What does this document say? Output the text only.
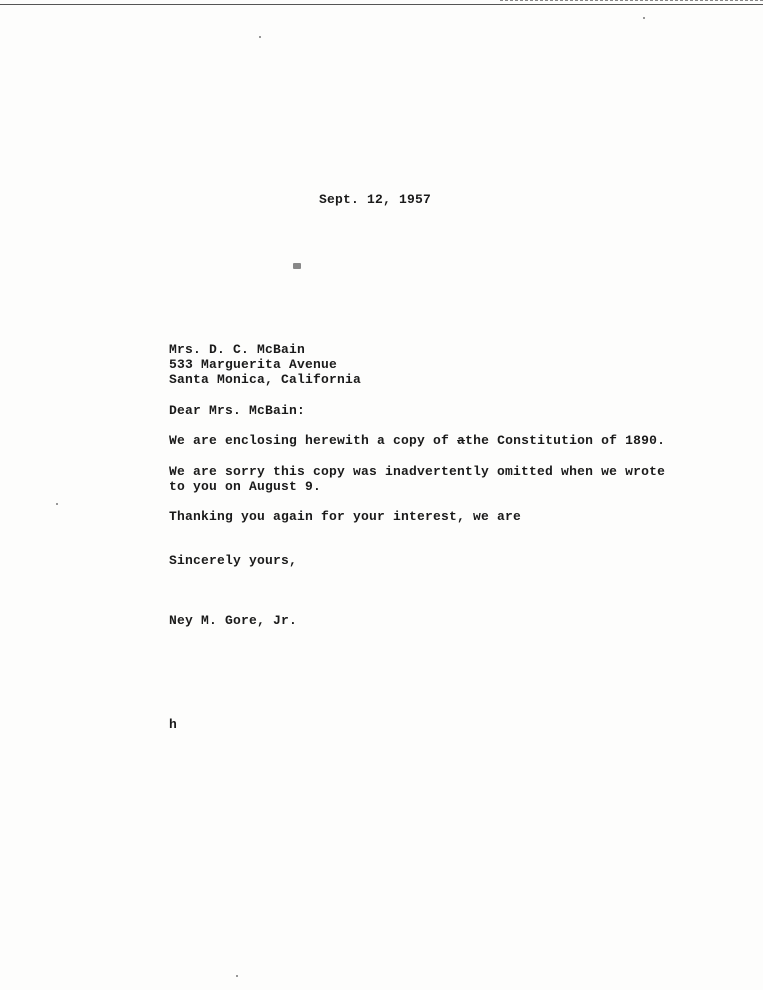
Sept. 12, 1957
Mrs. D. C. McBain
533 Marguerita Avenue
Santa Monica, California
Dear Mrs. McBain:
We are enclosing herewith a copy of athe Constitution of 1890.
We are sorry this copy was inadvertently omitted when we wrote
to you on August 9.
Thanking you again for your interest, we are
Sincerely yours,
Ney M. Gore, Jr.
h
